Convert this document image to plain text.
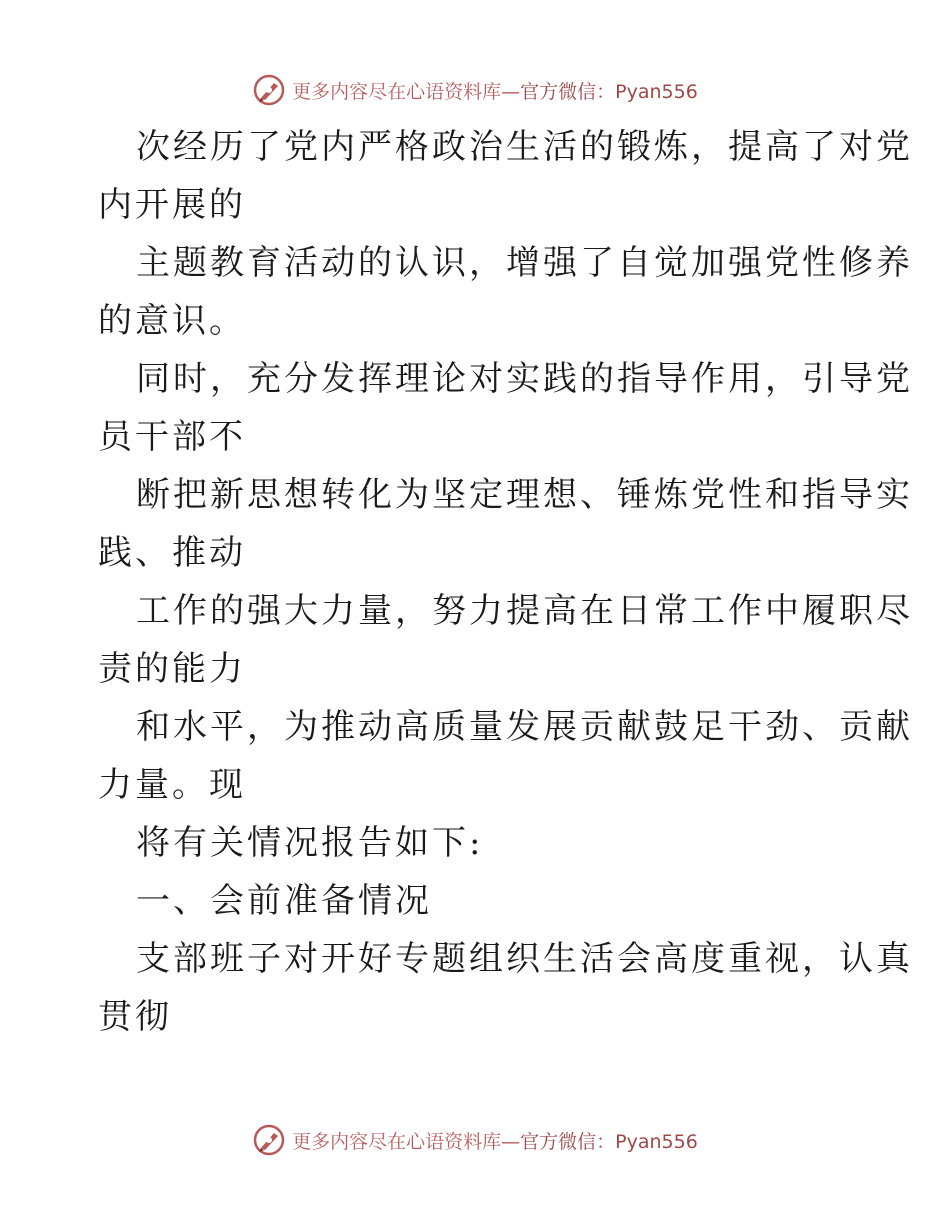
更多内容尽在心语资料库—官方微信：Pyan556

次经历了党内严格政治生活的锻炼，提高了对党
内开展的

主题教育活动的认识，增强了自觉加强党性修养
的意识。

同时，充分发挥理论对实践的指导作用，引导党
员干部不

断把新思想转化为坚定理想、锤炼党性和指导实
践、推动

工作的强大力量，努力提高在日常工作中履职尽
责的能力

和水平，为推动高质量发展贡献鼓足干劲、贡献
力量。现

将有关情况报告如下:

一、会前准备情况

支部班子对开好专题组织生活会高度重视，认真
贯彻

更多内容尽在心语资料库—官方微信：Pyan556
